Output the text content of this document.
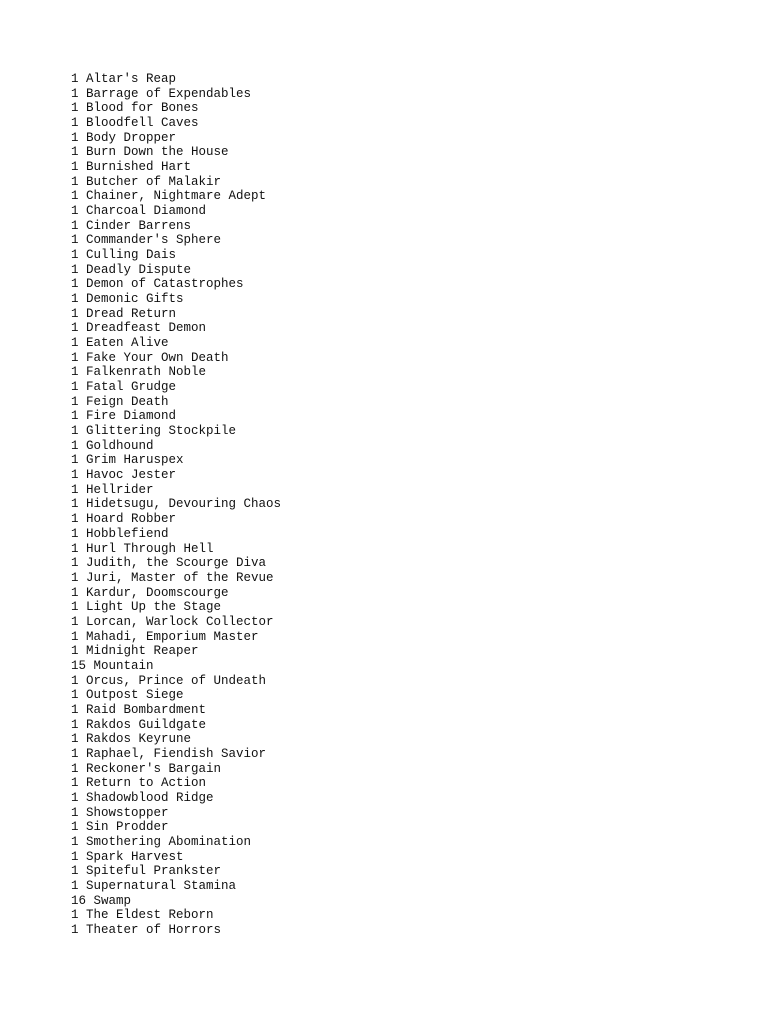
1 Altar's Reap
1 Barrage of Expendables
1 Blood for Bones
1 Bloodfell Caves
1 Body Dropper
1 Burn Down the House
1 Burnished Hart
1 Butcher of Malakir
1 Chainer, Nightmare Adept
1 Charcoal Diamond
1 Cinder Barrens
1 Commander's Sphere
1 Culling Dais
1 Deadly Dispute
1 Demon of Catastrophes
1 Demonic Gifts
1 Dread Return
1 Dreadfeast Demon
1 Eaten Alive
1 Fake Your Own Death
1 Falkenrath Noble
1 Fatal Grudge
1 Feign Death
1 Fire Diamond
1 Glittering Stockpile
1 Goldhound
1 Grim Haruspex
1 Havoc Jester
1 Hellrider
1 Hidetsugu, Devouring Chaos
1 Hoard Robber
1 Hobblefiend
1 Hurl Through Hell
1 Judith, the Scourge Diva
1 Juri, Master of the Revue
1 Kardur, Doomscourge
1 Light Up the Stage
1 Lorcan, Warlock Collector
1 Mahadi, Emporium Master
1 Midnight Reaper
15 Mountain
1 Orcus, Prince of Undeath
1 Outpost Siege
1 Raid Bombardment
1 Rakdos Guildgate
1 Rakdos Keyrune
1 Raphael, Fiendish Savior
1 Reckoner's Bargain
1 Return to Action
1 Shadowblood Ridge
1 Showstopper
1 Sin Prodder
1 Smothering Abomination
1 Spark Harvest
1 Spiteful Prankster
1 Supernatural Stamina
16 Swamp
1 The Eldest Reborn
1 Theater of Horrors
